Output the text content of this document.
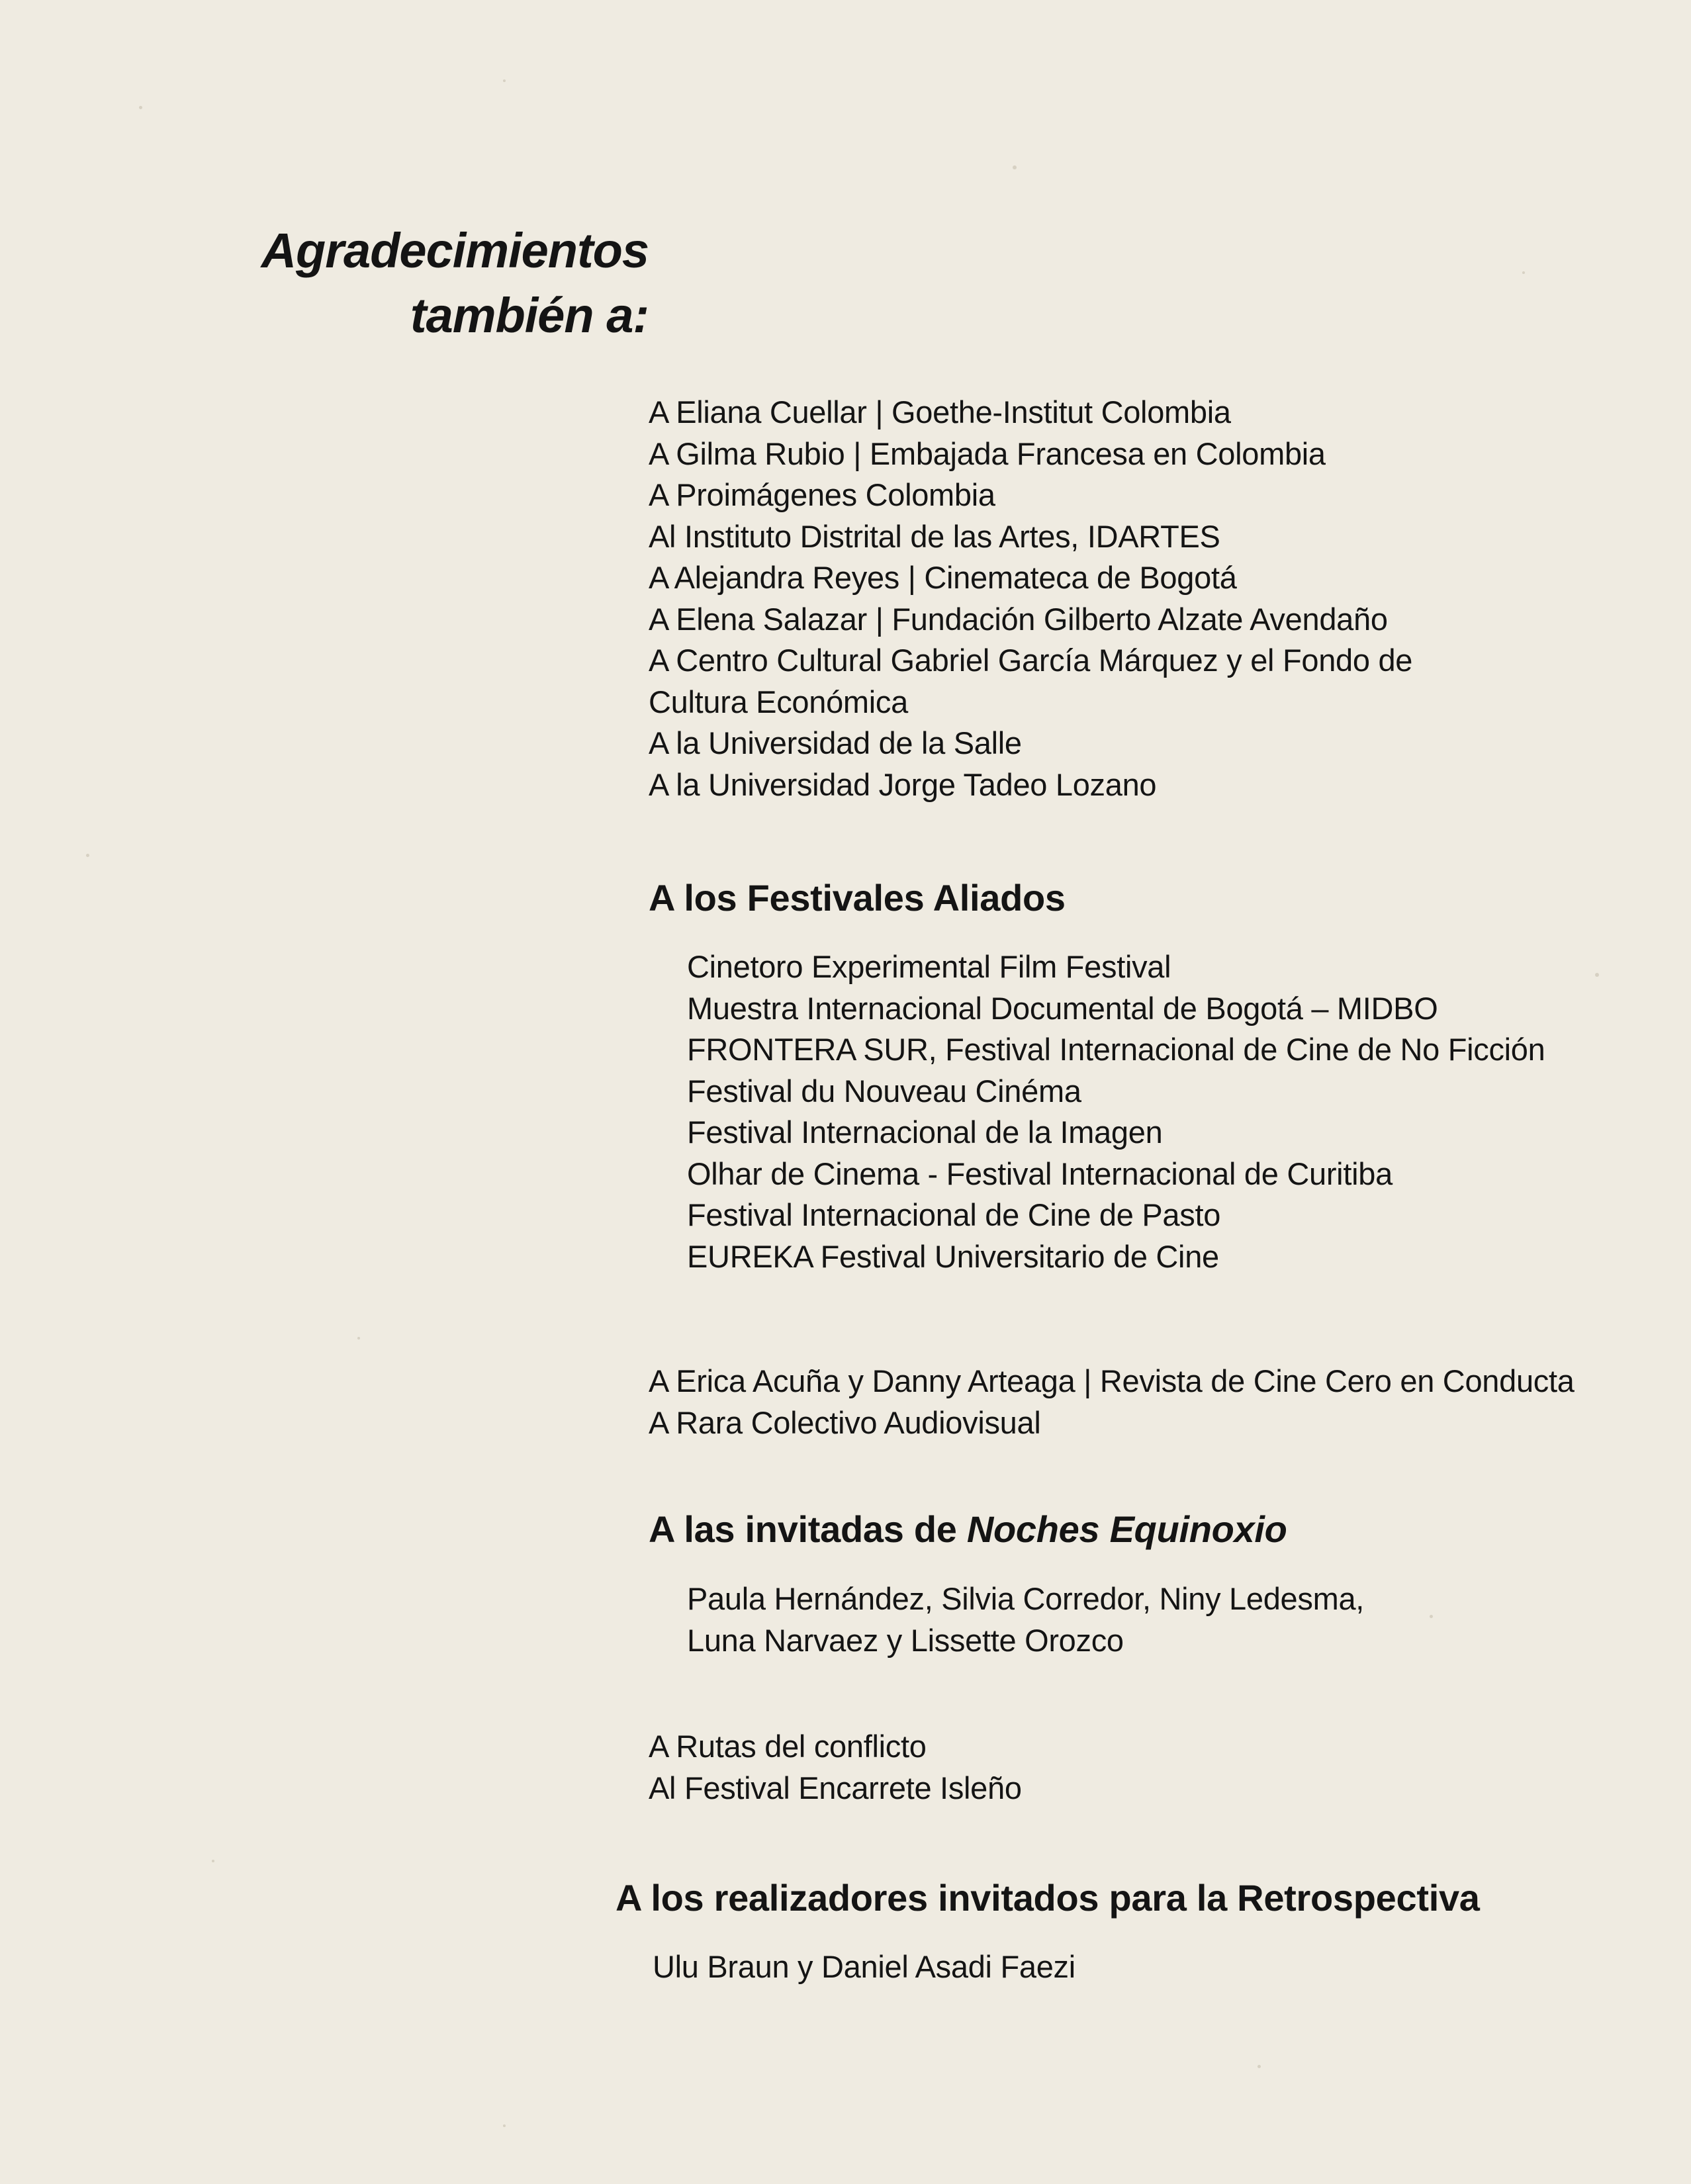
Agradecimientos
también a:
A Eliana Cuellar | Goethe-Institut Colombia
A Gilma Rubio | Embajada Francesa en Colombia
A Proimágenes Colombia
Al Instituto Distrital de las Artes, IDARTES
A Alejandra Reyes | Cinemateca de Bogotá
A Elena Salazar | Fundación Gilberto Alzate Avendaño
A Centro Cultural Gabriel García Márquez y el Fondo de
Cultura Económica
A la Universidad de la Salle
A la Universidad Jorge Tadeo Lozano
A los Festivales Aliados
Cinetoro Experimental Film Festival
Muestra Internacional Documental de Bogotá – MIDBO
FRONTERA SUR, Festival Internacional de Cine de No Ficción
Festival du Nouveau Cinéma
Festival Internacional de la Imagen
Olhar de Cinema - Festival Internacional de Curitiba
Festival Internacional de Cine de Pasto
EUREKA Festival Universitario de Cine
A Erica Acuña y Danny Arteaga | Revista de Cine Cero en Conducta
A Rara Colectivo Audiovisual
A las invitadas de Noches Equinoxio
Paula Hernández, Silvia Corredor, Niny Ledesma,
Luna Narvaez y Lissette Orozco
A Rutas del conflicto
Al Festival Encarrete Isleño
A los realizadores invitados para la Retrospectiva
Ulu Braun y Daniel Asadi Faezi
